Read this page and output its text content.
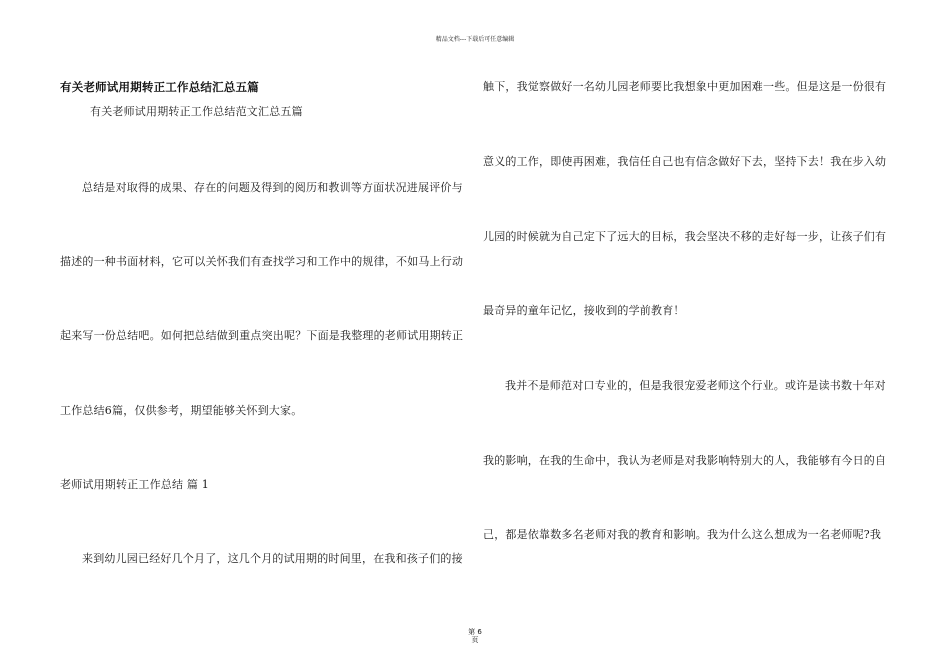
精品文档---下载后可任意编辑
有关老师试用期转正工作总结汇总五篇
有关老师试用期转正工作总结范文汇总五篇
总结是对取得的成果、存在的问题及得到的阅历和教训等方面状况进展评价与
描述的一种书面材料，它可以关怀我们有查找学习和工作中的规律，不如马上行动
起来写一份总结吧。如何把总结做到重点突出呢？下面是我整理的老师试用期转正
工作总结6篇，仅供参考，期望能够关怀到大家。
老师试用期转正工作总结 篇 1
来到幼儿园已经好几个月了，这几个月的试用期的时间里，在我和孩子们的接
触下，我觉察做好一名幼儿园老师要比我想象中更加困难一些。但是这是一份很有
意义的工作，即使再困难，我信任自己也有信念做好下去，坚持下去！我在步入幼
儿园的时候就为自己定下了远大的目标，我会坚决不移的走好每一步，让孩子们有
最奇异的童年记忆，接收到的学前教育！
我并不是师范对口专业的，但是我很宠爱老师这个行业。或许是读书数十年对
我的影响，在我的生命中，我认为老师是对我影响特别大的人，我能够有今日的自
己，都是依靠数多名老师对我的教育和影响。我为什么这么想成为一名老师呢?我
第 6
页
